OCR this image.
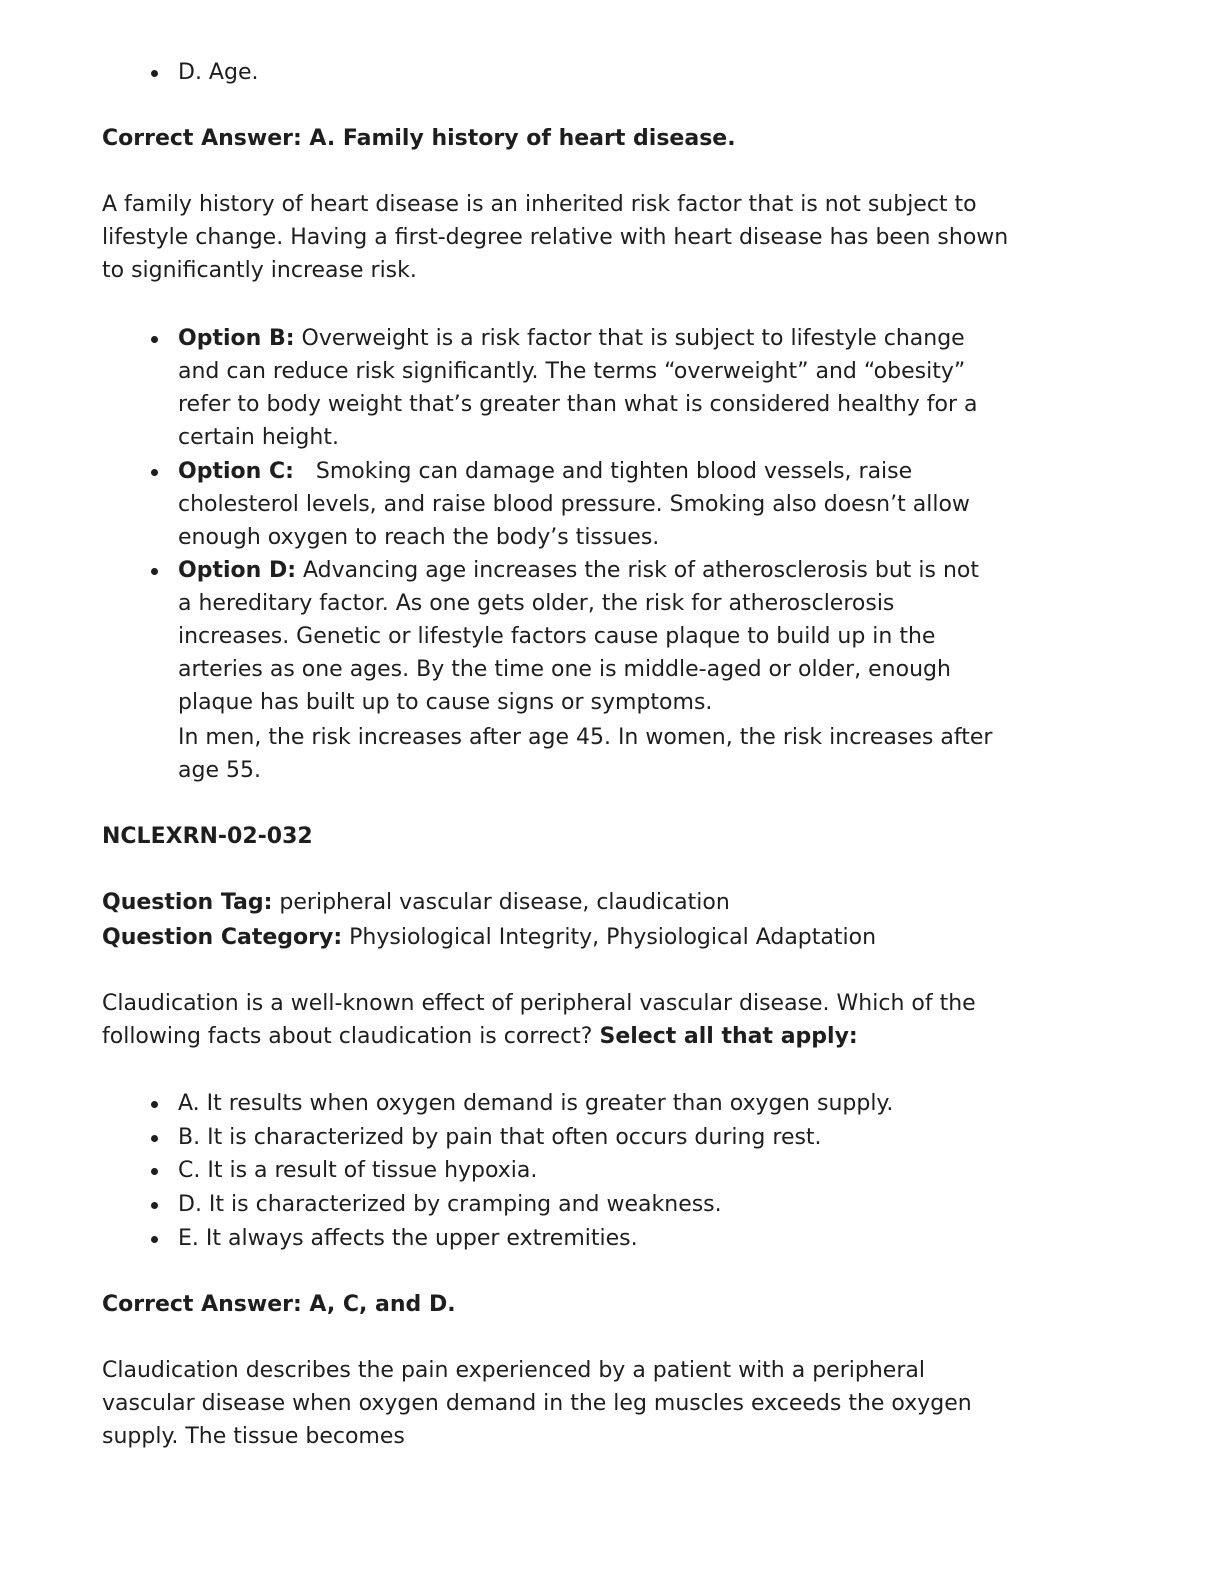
D. Age.
Correct Answer: A. Family history of heart disease.
A family history of heart disease is an inherited risk factor that is not subject to
lifestyle change. Having a first-degree relative with heart disease has been shown
to significantly increase risk.
Option B: Overweight is a risk factor that is subject to lifestyle change
and can reduce risk significantly. The terms “overweight” and “obesity”
refer to body weight that’s greater than what is considered healthy for a
certain height.
Option C: Smoking can damage and tighten blood vessels, raise
cholesterol levels, and raise blood pressure. Smoking also doesn’t allow
enough oxygen to reach the body’s tissues.
Option D: Advancing age increases the risk of atherosclerosis but is not
a hereditary factor. As one gets older, the risk for atherosclerosis
increases. Genetic or lifestyle factors cause plaque to build up in the
arteries as one ages. By the time one is middle-aged or older, enough
plaque has built up to cause signs or symptoms.
In men, the risk increases after age 45. In women, the risk increases after
age 55.
NCLEXRN-02-032
Question Tag: peripheral vascular disease, claudication
Question Category: Physiological Integrity, Physiological Adaptation
Claudication is a well-known effect of peripheral vascular disease. Which of the
following facts about claudication is correct? Select all that apply:
A. It results when oxygen demand is greater than oxygen supply.
B. It is characterized by pain that often occurs during rest.
C. It is a result of tissue hypoxia.
D. It is characterized by cramping and weakness.
E. It always affects the upper extremities.
Correct Answer: A, C, and D.
Claudication describes the pain experienced by a patient with a peripheral
vascular disease when oxygen demand in the leg muscles exceeds the oxygen
supply. The tissue becomes
